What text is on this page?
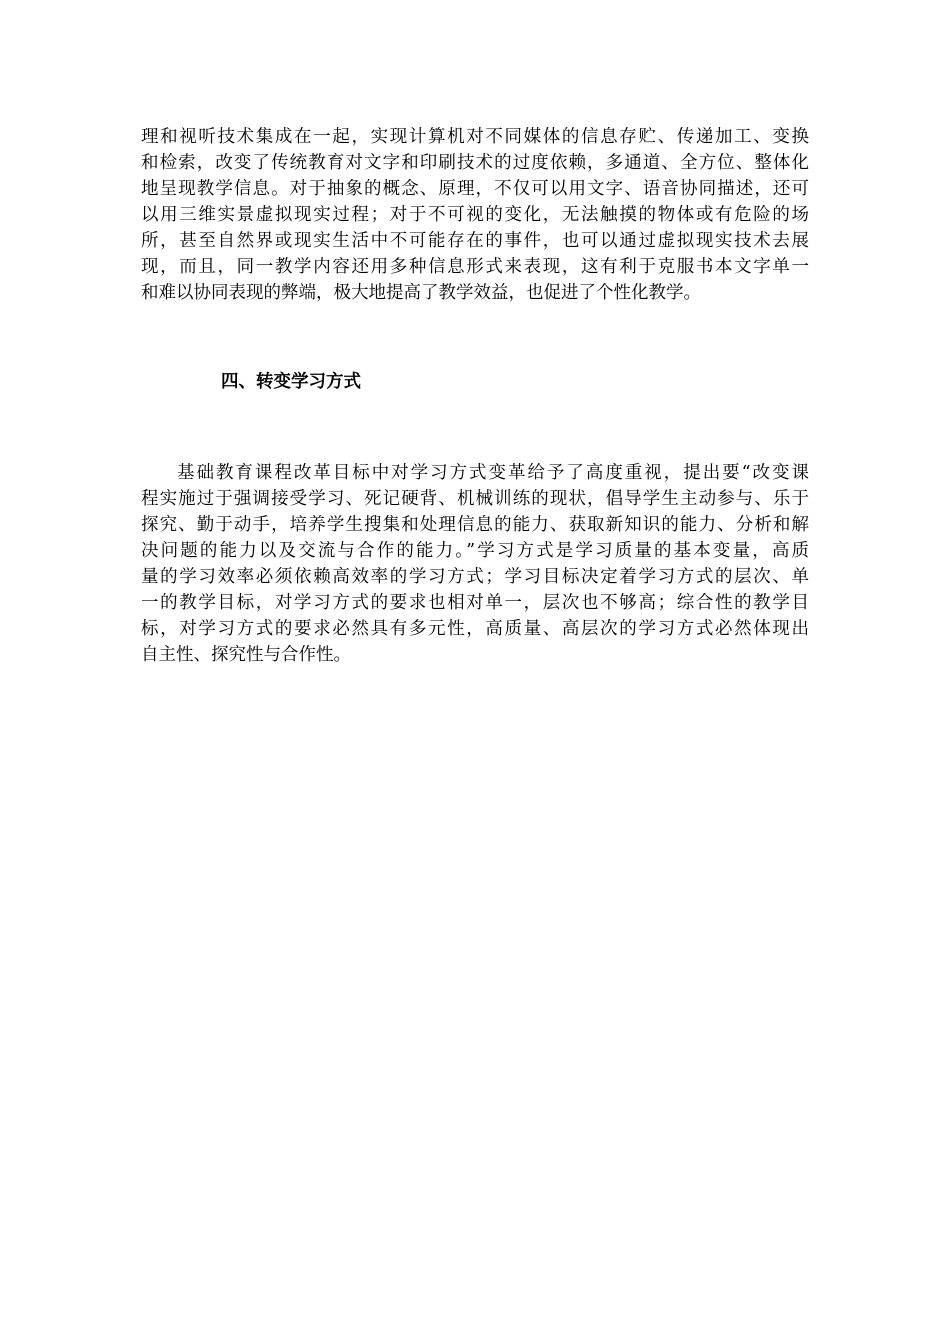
理和视听技术集成在一起，实现计算机对不同媒体的信息存贮、传递加工、变换
和检索，改变了传统教育对文字和印刷技术的过度依赖，多通道、全方位、整体化
地呈现教学信息。对于抽象的概念、原理，不仅可以用文字、语音协同描述，还可
以用三维实景虚拟现实过程；对于不可视的变化，无法触摸的物体或有危险的场
所，甚至自然界或现实生活中不可能存在的事件，也可以通过虚拟现实技术去展
现，而且，同一教学内容还用多种信息形式来表现，这有利于克服书本文字单一
和难以协同表现的弊端，极大地提高了教学效益，也促进了个性化教学。

四、转变学习方式

基础教育课程改革目标中对学习方式变革给予了高度重视，提出要“改变课
程实施过于强调接受学习、死记硬背、机械训练的现状，倡导学生主动参与、乐于
探究、勤于动手，培养学生搜集和处理信息的能力、获取新知识的能力、分析和解
决问题的能力以及交流与合作的能力。”学习方式是学习质量的基本变量，高质
量的学习效率必须依赖高效率的学习方式；学习目标决定着学习方式的层次、单
一的教学目标，对学习方式的要求也相对单一，层次也不够高；综合性的教学目
标，对学习方式的要求必然具有多元性，高质量、高层次的学习方式必然体现出
自主性、探究性与合作性。
